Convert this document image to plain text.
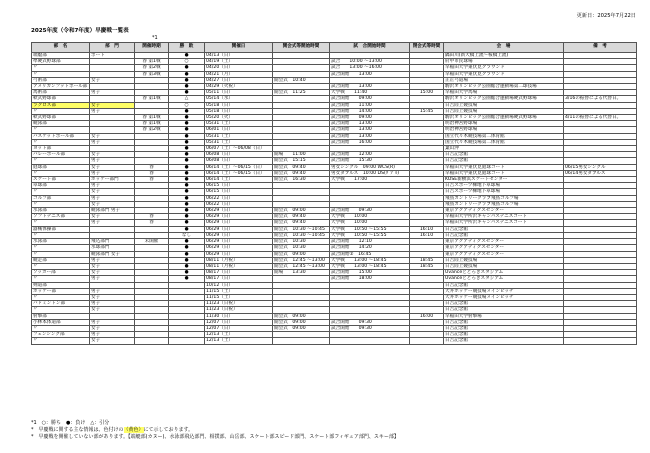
更新日：2025年7月22日
2025年度（令和7年度）早慶戦一覧表
*1
部　名	部　門	開催時期	勝　敗	開催日	開会式等開始時間	試　合開始時間	閉会式等時間	会　場	備　考
端艇部	ボート		●	04/13（日）				隅田川(新大橋上流～桜橋上流)	
準硬式野球部		春 第1戦	○	04/19（土）		試合　　10:00 ～13:00		府中市民球場	
〃		春 第2戦	●	04/20（日）		試合　　13:00 ～16:00		早稲田大学東伏見グラウンド	
〃		春 第3戦	●	04/21（月）		試合開始　　13:00		早稲田大学東伏見グラウンド	
弓術部	女子		●	04/27（日）	開会式　10:40			正正弓道場	
アメリカンフットボール部			●	04/29（火祝）		試合開始　　13:00		駒沢オリンピック公園総合運動場第二球技場	
馬術部	男子		●	05/11（日）	開会式　11:25	大学戦　　11:40	15:00	早稲田大学馬場	
軟式野球部		春 第1戦	△	05/14（水）		試合開始　　09:00		駒沢オリンピック公園総合運動場硬式野球場	3/16の振替による代替日。
ラクロス部	女子		○	05/18（日）		試合開始　　11:00		日吉陸上競技場	
〃	男子		●	05/18（日）		試合開始　　14:00	15:45	日吉陸上競技場	
軟式野球部		春 第1戦	●	05/20（火）		試合開始　　09:00		駒沢オリンピック公園総合運動場硬式野球場	4/11の振替による代替日。
競泳部		春 第1戦	●	05/31（土）		試合開始　　13:00		明治神宮野球場	
〃		春 第2戦	●	06/01（日）		試合開始　　13:00		明治神宮野球場	
バスケットボール部	女子		●	05/31（土）		試合開始　　13:00		国立代々木競技場第二体育館	
〃	男子		●	05/31（土）		試合開始　　16:00		国立代々木競技場第二体育館	
ヨット部			●	06/07（土）～06/08（日）				葉山沖	
バレーボール部	女子		●	06/08（日）	開場　　11:00	試合開始　　12:00		日吉記念館	
〃	男子		●	06/08（日）	開会式　15:15	試合開始　　15:30		日吉記念館	
庭球部	女子	春	●	06/14（土）～06/15（日）	開会式　09:40	男女シングル　09:00 WCS(R)		早稲田大学東伏見庭球コート	06/15男女シングル
〃	男子	春	●	06/14（土）～06/15（日）	開会式　09:40	男女ダブルス　10:00 DS(ﾀﾞﾌﾞﾙ)		早稲田大学東伏見庭球コート	06/14男女ダブルス
スケート部	ホッケー部門	春	●	06/14（土）	開会式　16:30	大学戦　　17:00		KOSE新横浜スケートセンター	
卓球部	男子		●	06/15（日）				日吉スポーツ棟地下卓球場	
〃	女子		●	06/15（日）				日吉スポーツ棟地下卓球場	
ゴルフ部	男子		●	06/22（日）				飛鳥カントリークラブ飛鳥ゴルフ場	
〃	女子		●	06/22（日）				飛鳥カントリークラブ飛鳥ゴルフ場	
水泳部	競泳部門 男子		●	06/29（日）	開会式　09:00	試合開始　　09:30		東京アクアティクスセンター	
ソフトテニス部	女子	春	●	06/29（日）	開会式　09:40	大学戦　　10:00		早稲田大学所沢キャンパステニスコート	
〃	男子	春	●	06/29（日）	開会式　09:40	大学戦　　10:00		早稲田大学所沢キャンパステニスコート	
器械体操部			●	06/29（日）	開会式　10:30 ～10:45	大学戦　　10:50 ～15:55	16:10	日吉記念館	
〃			なし	06/29（日）	開会式　10:30 ～10:45	大学戦　　10:50 ～15:55	16:10	日吉記念館	
水泳部	飛込部門	未開催	●	06/29（日）	開会式　10:30	試合開始　　12:10		東京アクアティクスセンター	
〃	水球部門		●	06/29（日）	開会式　10:30	試合開始　　14:20		東京アクアティクスセンター	
〃	競泳部門 女子		●	06/29（日）	開会式　09:00	試合開始②　16:45		東京アクアティクスセンター	
競走部	男子		●	08/11（月祝）	開会式　12:45 ～13:00	大学戦　　13:00 ～18:45	18:45	日吉陸上競技場	
〃	女子		●	08/11（月祝）	開会式　12:45 ～13:00	大学戦　　13:00 ～18:45	18:45	日吉陸上競技場	
ソッカー部	女子		●	08/17（日）	開場　　13:30	試合開始　　15:00		Uvanceとどろきスタジアム	
〃	男子		●	08/17（日）		試合開始　　18:00		Uvanceとどろきスタジアム	
剣道部				10/12（日）				日吉記念館	
ホッケー部	男子			11/15（土）				大井ホッケー競技場メインピッチ	
〃	女子			11/15（土）				大井ホッケー競技場メインピッチ	
バドミントン部	男子			11/23（日祝）				日吉記念館	
〃	女子			11/23（日祝）				日吉記念館	
射撃部				11/30（日）	開会式　09:00		16:00	早稲田大学射撃場	
小林本体道部	男子			12/07（日）	開会式　09:00	試合開始　　09:30		日吉記念館	
〃	女子			12/07（日）	開会式　09:00	試合開始　　09:30		日吉記念館	
フェンシング部	男子			12/13（土）				日吉記念館	
〃	女子			12/13（土）				日吉記念館	
*1　○：勝ち　●：負け　△：引分
*　早慶戦に関する主な情報は、色付けの（黄色）にて示しております。
*　早慶戦を開催していない部があります。【端艇部(カヌー)、水泳部飛込部門、相撲部、山岳部、スケート部スピード部門、スケート部フィギュア部門、スキー部】
